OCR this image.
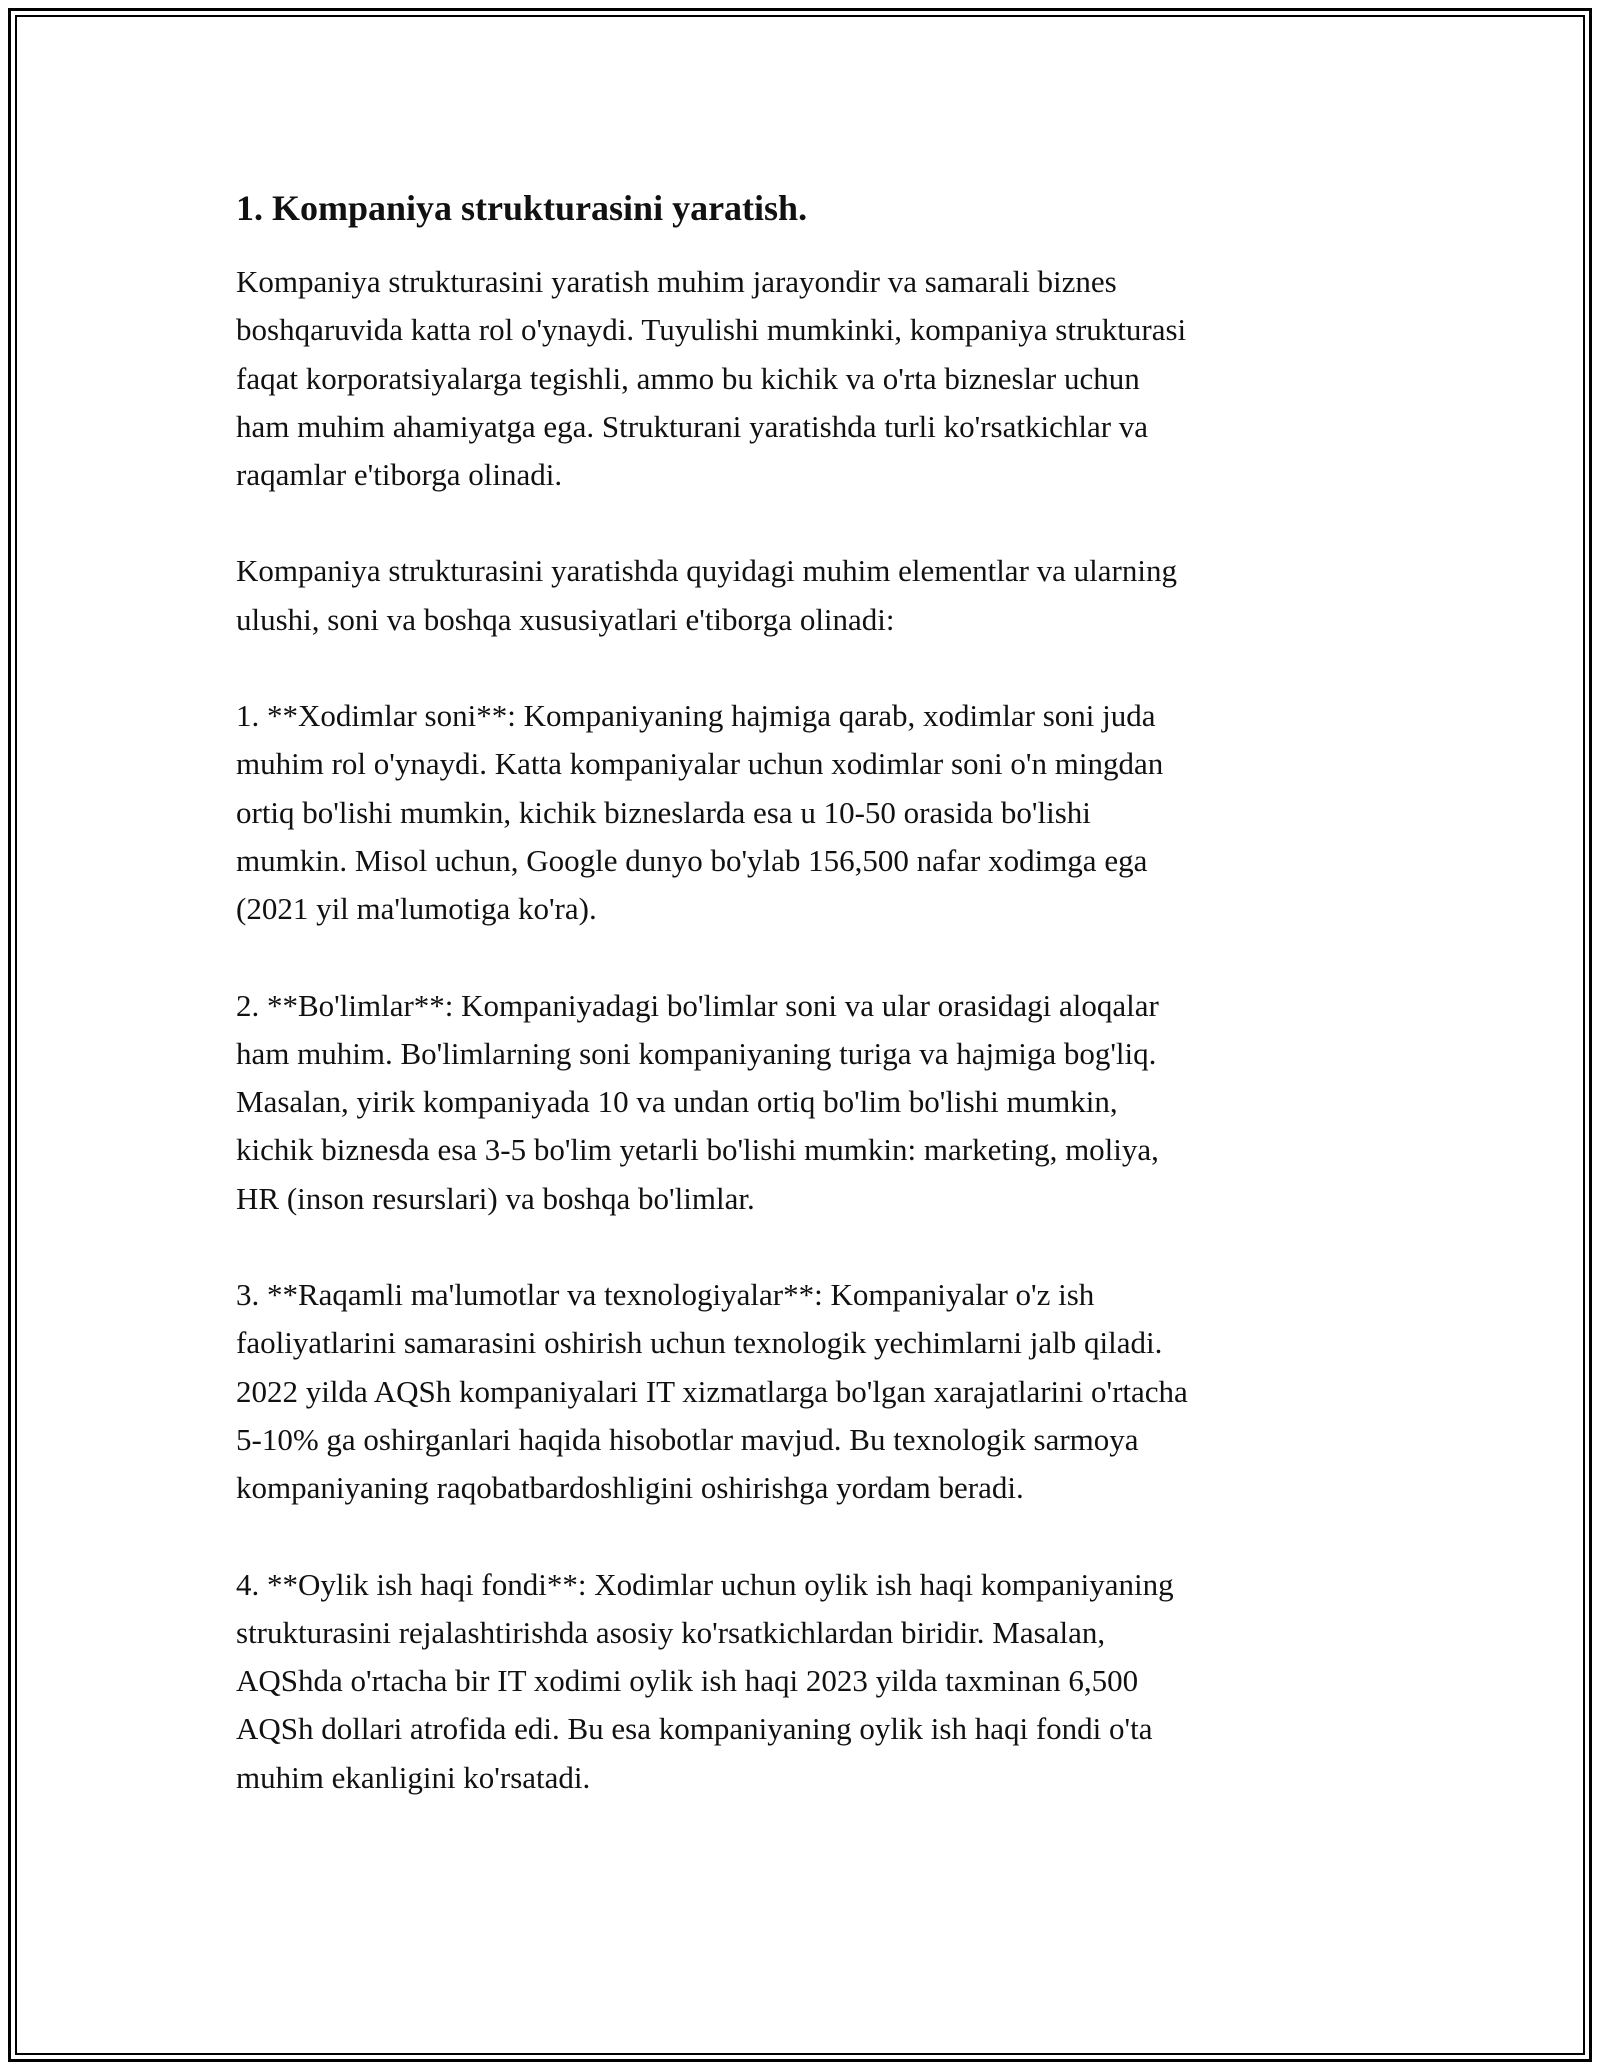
1. Kompaniya strukturasini yaratish.

Kompaniya strukturasini yaratish muhim jarayondir va samarali biznes
boshqaruvida katta rol o'ynaydi. Tuyulishi mumkinki, kompaniya strukturasi
faqat korporatsiyalarga tegishli, ammo bu kichik va o'rta bizneslar uchun
ham muhim ahamiyatga ega. Strukturani yaratishda turli ko'rsatkichlar va
raqamlar e'tiborga olinadi.

Kompaniya strukturasini yaratishda quyidagi muhim elementlar va ularning
ulushi, soni va boshqa xususiyatlari e'tiborga olinadi:

1. **Xodimlar soni**: Kompaniyaning hajmiga qarab, xodimlar soni juda
muhim rol o'ynaydi. Katta kompaniyalar uchun xodimlar soni o'n mingdan
ortiq bo'lishi mumkin, kichik bizneslarda esa u 10-50 orasida bo'lishi
mumkin. Misol uchun, Google dunyo bo'ylab 156,500 nafar xodimga ega
(2021 yil ma'lumotiga ko'ra).

2. **Bo'limlar**: Kompaniyadagi bo'limlar soni va ular orasidagi aloqalar
ham muhim. Bo'limlarning soni kompaniyaning turiga va hajmiga bog'liq.
Masalan, yirik kompaniyada 10 va undan ortiq bo'lim bo'lishi mumkin,
kichik biznesda esa 3-5 bo'lim yetarli bo'lishi mumkin: marketing, moliya,
HR (inson resurslari) va boshqa bo'limlar.

3. **Raqamli ma'lumotlar va texnologiyalar**: Kompaniyalar o'z ish
faoliyatlarini samarasini oshirish uchun texnologik yechimlarni jalb qiladi.
2022 yilda AQSh kompaniyalari IT xizmatlarga bo'lgan xarajatlarini o'rtacha
5-10% ga oshirganlari haqida hisobotlar mavjud. Bu texnologik sarmoya
kompaniyaning raqobatbardoshligini oshirishga yordam beradi.

4. **Oylik ish haqi fondi**: Xodimlar uchun oylik ish haqi kompaniyaning
strukturasini rejalashtirishda asosiy ko'rsatkichlardan biridir. Masalan,
AQShda o'rtacha bir IT xodimi oylik ish haqi 2023 yilda taxminan 6,500
AQSh dollari atrofida edi. Bu esa kompaniyaning oylik ish haqi fondi o'ta
muhim ekanligini ko'rsatadi.
